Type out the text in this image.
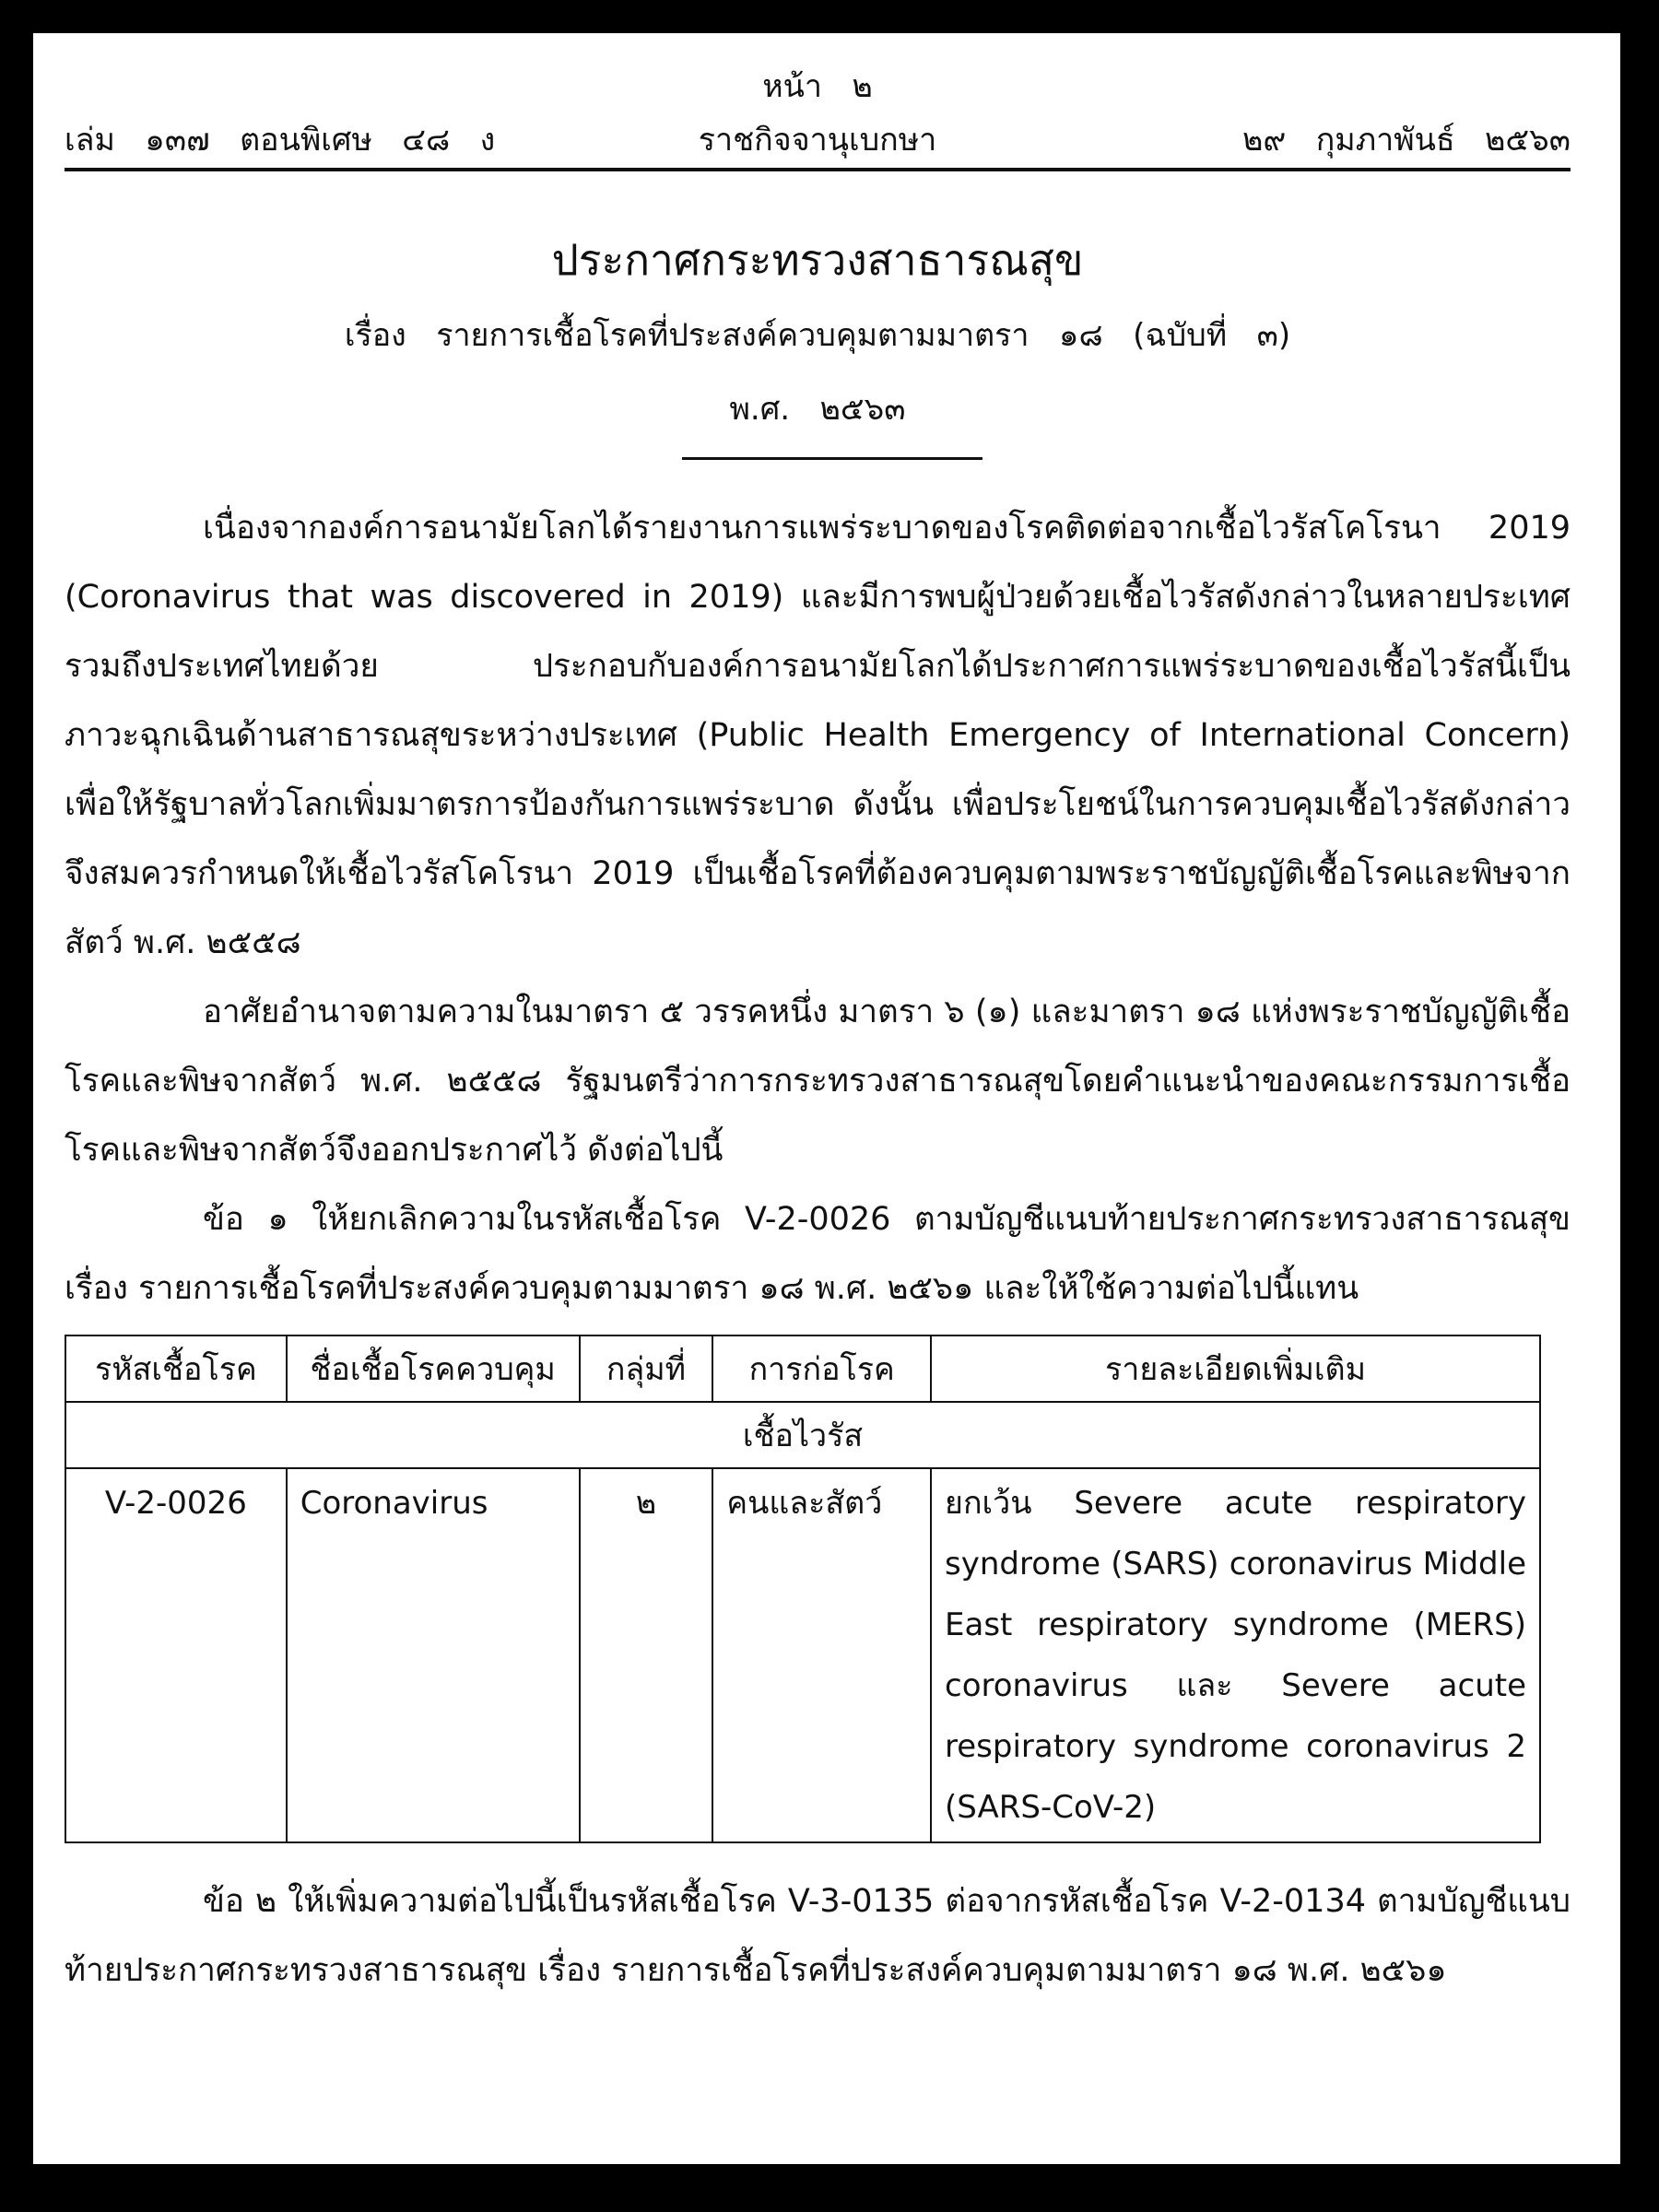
หน้า   ๒

ราชกิจจานุเบกษา

เล่ม   ๑๓๗   ตอนพิเศษ   ๔๘   ง

	๒๙   กุมภาพันธ์   ๒๕๖๓

ประกาศกระทรวงสาธารณสุข
เรื่อง   รายการเชื้อโรคที่ประสงค์ควบคุมตามมาตรา   ๑๘   (ฉบับที่   ๓)
พ.ศ.   ๒๕๖๓

เนื่องจากองค์การอนามัยโลกได้รายงานการแพร่ระบาดของโรคติดต่อจากเชื้อไวรัสโคโรนา 2019 (Coronavirus that was discovered in 2019) และมีการพบผู้ป่วยด้วยเชื้อไวรัสดังกล่าวในหลายประเทศรวมถึงประเทศไทยด้วย ประกอบกับองค์การอนามัยโลกได้ประกาศการแพร่ระบาดของเชื้อไวรัสนี้เป็นภาวะฉุกเฉินด้านสาธารณสุขระหว่างประเทศ (Public Health Emergency of International Concern) เพื่อให้รัฐบาลทั่วโลกเพิ่มมาตรการป้องกันการแพร่ระบาด ดังนั้น เพื่อประโยชน์ในการควบคุมเชื้อไวรัสดังกล่าว จึงสมควรกำหนดให้เชื้อไวรัสโคโรนา 2019 เป็นเชื้อโรคที่ต้องควบคุมตามพระราชบัญญัติเชื้อโรคและพิษจากสัตว์ พ.ศ. ๒๕๕๘

อาศัยอำนาจตามความในมาตรา ๕ วรรคหนึ่ง มาตรา ๖ (๑) และมาตรา ๑๘ แห่งพระราชบัญญัติเชื้อโรคและพิษจากสัตว์ พ.ศ. ๒๕๕๘ รัฐมนตรีว่าการกระทรวงสาธารณสุขโดยคำแนะนำของคณะกรรมการเชื้อโรคและพิษจากสัตว์จึงออกประกาศไว้ ดังต่อไปนี้

ข้อ ๑ ให้ยกเลิกความในรหัสเชื้อโรค V-2-0026 ตามบัญชีแนบท้ายประกาศกระทรวงสาธารณสุข เรื่อง รายการเชื้อโรคที่ประสงค์ควบคุมตามมาตรา ๑๘ พ.ศ. ๒๕๖๑ และให้ใช้ความต่อไปนี้แทน

รหัสเชื้อโรค	ชื่อเชื้อโรคควบคุม	กลุ่มที่	การก่อโรค	รายละเอียดเพิ่มเติม
เชื้อไวรัส				
V-2-0026	Coronavirus	๒	คนและสัตว์	ยกเว้น Severe acute respiratory syndrome (SARS) coronavirus Middle East respiratory syndrome (MERS) coronavirus และ Severe acute respiratory syndrome coronavirus 2 (SARS-CoV-2)

ข้อ ๒ ให้เพิ่มความต่อไปนี้เป็นรหัสเชื้อโรค V-3-0135 ต่อจากรหัสเชื้อโรค V-2-0134 ตามบัญชีแนบท้ายประกาศกระทรวงสาธารณสุข เรื่อง รายการเชื้อโรคที่ประสงค์ควบคุมตามมาตรา ๑๘ พ.ศ. ๒๕๖๑
